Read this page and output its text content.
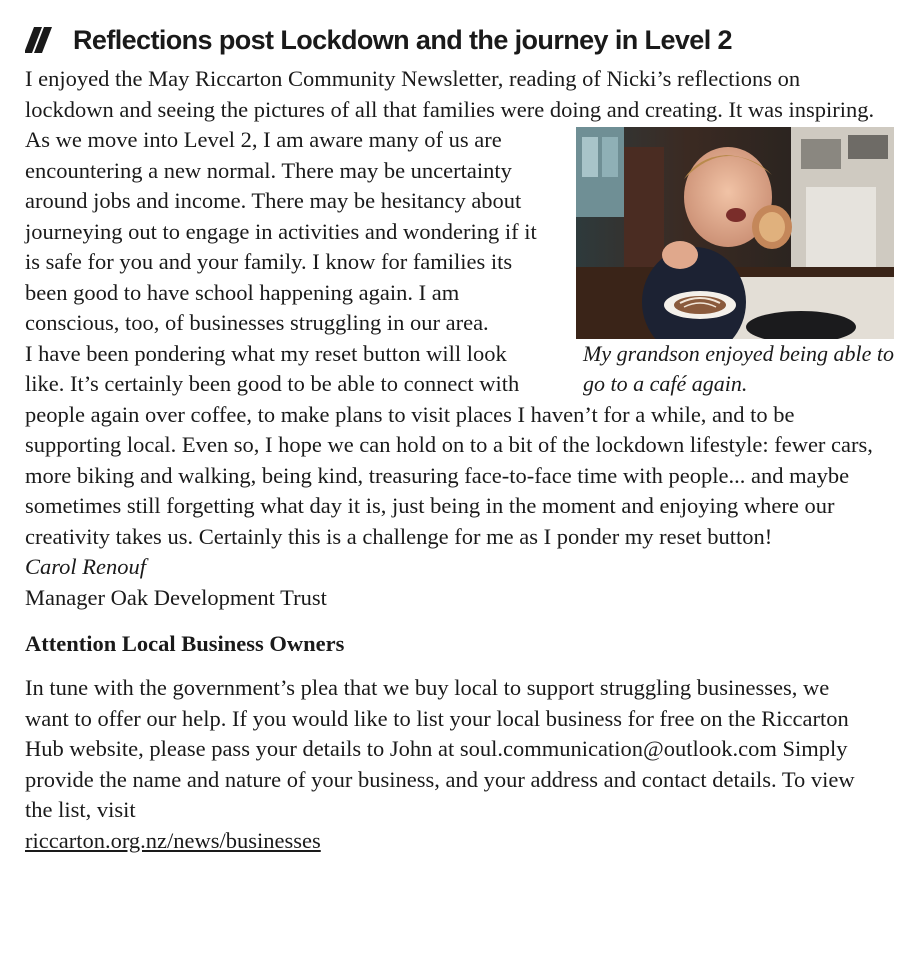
Reflections post Lockdown and the journey in Level 2

I enjoyed the May Riccarton Community Newsletter, reading of Nicki’s reflections on lockdown and seeing the pictures of all that families were doing and creating. It was inspiring.

My grandson enjoyed being able to go to a café again.

As we move into Level 2, I am aware many of us are encountering a new normal. There may be uncertainty around jobs and income. There may be hesitancy about journeying out to engage in activities and wondering if it is safe for you and your family. I know for families its been good to have school happening again. I am conscious, too, of businesses struggling in our area.

I have been pondering what my reset button will look like. It’s certainly been good to be able to connect with people again over coffee, to make plans to visit places I haven’t for a while, and to be supporting local. Even so, I hope we can hold on to a bit of the lockdown lifestyle: fewer cars, more biking and walking, being kind, treasuring face-to-face time with people... and maybe sometimes still forgetting what day it is, just being in the moment and enjoying where our creativity takes us. Certainly this is a challenge for me as I ponder my reset button!

Carol Renouf

Manager Oak Development Trust

Attention Local Business Owners

In tune with the government’s plea that we buy local to support struggling businesses, we want to offer our help. If you would like to list your local business for free on the Riccarton Hub website, please pass your details to John at soul.communication@outlook.com Simply provide the name and nature of your business, and your address and contact details. To view the list, visit
riccarton.org.nz/news/businesses
